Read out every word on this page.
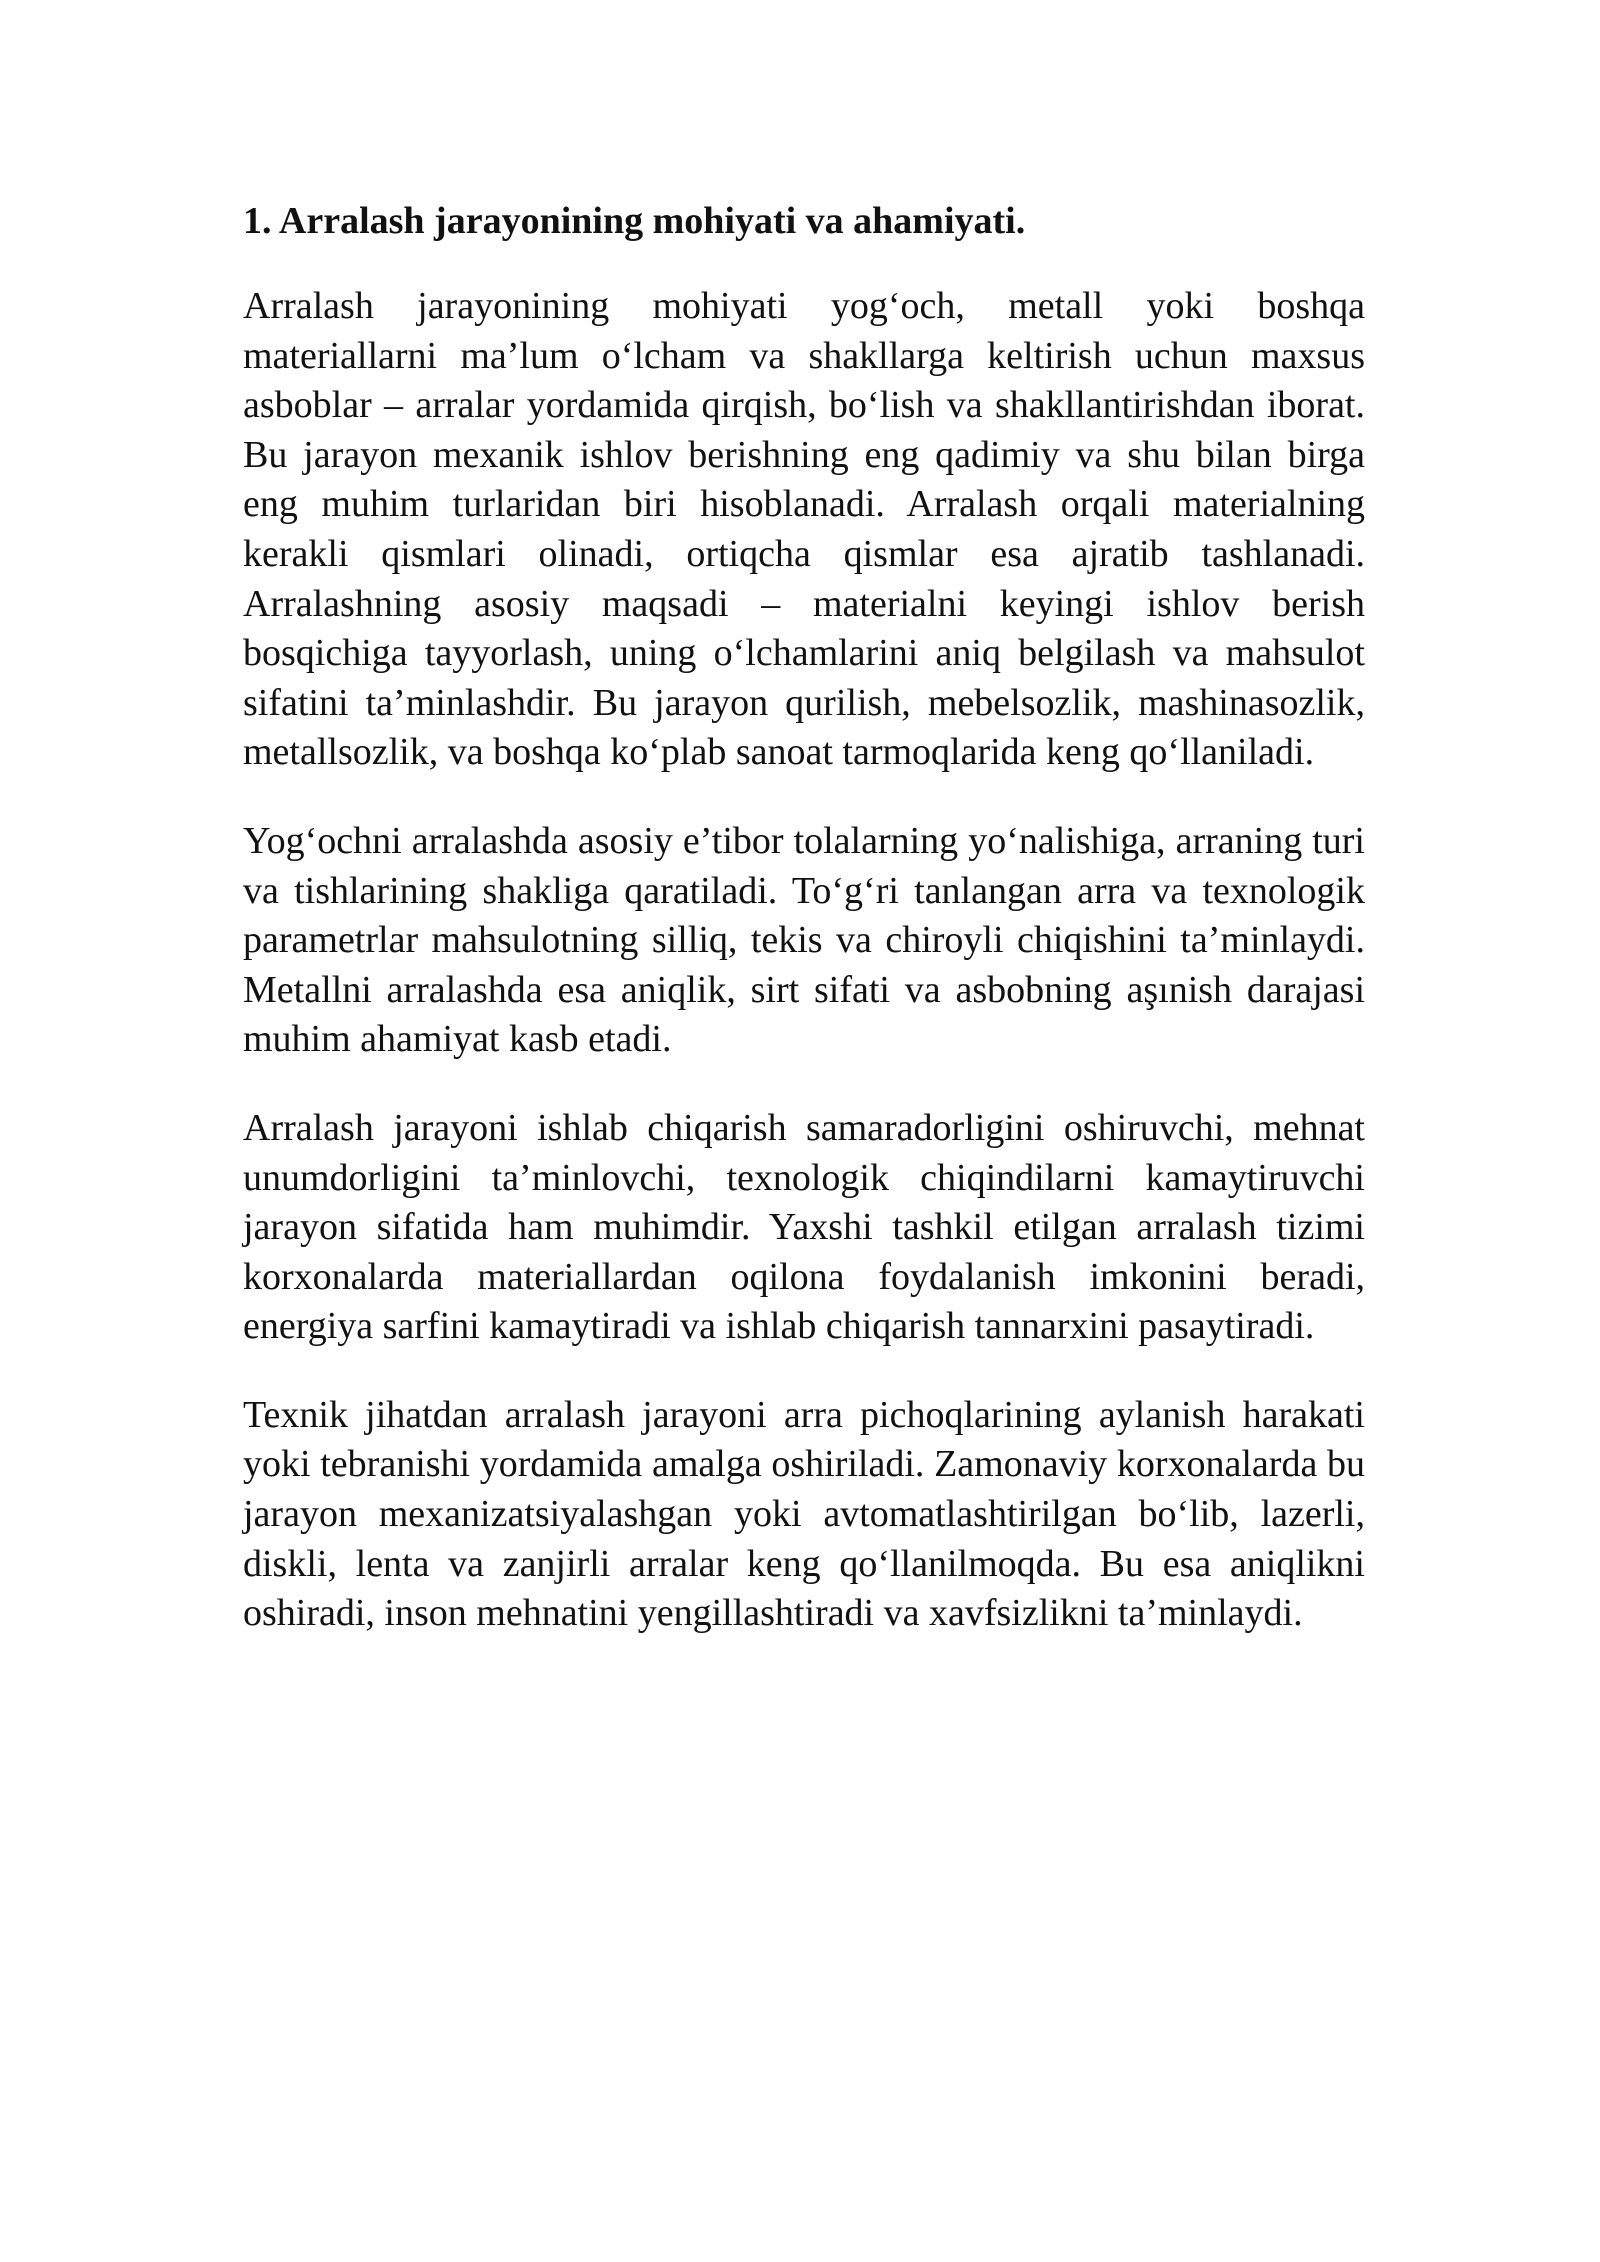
1. Arralash jarayonining mohiyati va ahamiyati.

Arralash jarayonining mohiyati yog‘och, metall yoki boshqa materiallarni ma’lum o‘lcham va shakllarga keltirish uchun maxsus asboblar – arralar yordamida qirqish, bo‘lish va shakllantirishdan iborat. Bu jarayon mexanik ishlov berishning eng qadimiy va shu bilan birga eng muhim turlaridan biri hisoblanadi. Arralash orqali materialning kerakli qismlari olinadi, ortiqcha qismlar esa ajratib tashlanadi. Arralashning asosiy maqsadi – materialni keyingi ishlov berish bosqichiga tayyorlash, uning o‘lchamlarini aniq belgilash va mahsulot sifatini ta’minlashdir. Bu jarayon qurilish, mebelsozlik, mashinasozlik, metallsozlik, va boshqa ko‘plab sanoat tarmoqlarida keng qo‘llaniladi.

Yog‘ochni arralashda asosiy e’tibor tolalarning yo‘nalishiga, arraning turi va tishlarining shakliga qaratiladi. To‘g‘ri tanlangan arra va texnologik parametrlar mahsulotning silliq, tekis va chiroyli chiqishini ta’minlaydi. Metallni arralashda esa aniqlik, sirt sifati va asbobning aşınish darajasi muhim ahamiyat kasb etadi.

Arralash jarayoni ishlab chiqarish samaradorligini oshiruvchi, mehnat unumdorligini ta’minlovchi, texnologik chiqindilarni kamaytiruvchi jarayon sifatida ham muhimdir. Yaxshi tashkil etilgan arralash tizimi korxonalarda materiallardan oqilona foydalanish imkonini beradi, energiya sarfini kamaytiradi va ishlab chiqarish tannarxini pasaytiradi.

Texnik jihatdan arralash jarayoni arra pichoqlarining aylanish harakati yoki tebranishi yordamida amalga oshiriladi. Zamonaviy korxonalarda bu jarayon mexanizatsiyalashgan yoki avtomatlashtirilgan bo‘lib, lazerli, diskli, lenta va zanjirli arralar keng qo‘llanilmoqda. Bu esa aniqlikni oshiradi, inson mehnatini yengillashtiradi va xavfsizlikni ta’minlaydi.
